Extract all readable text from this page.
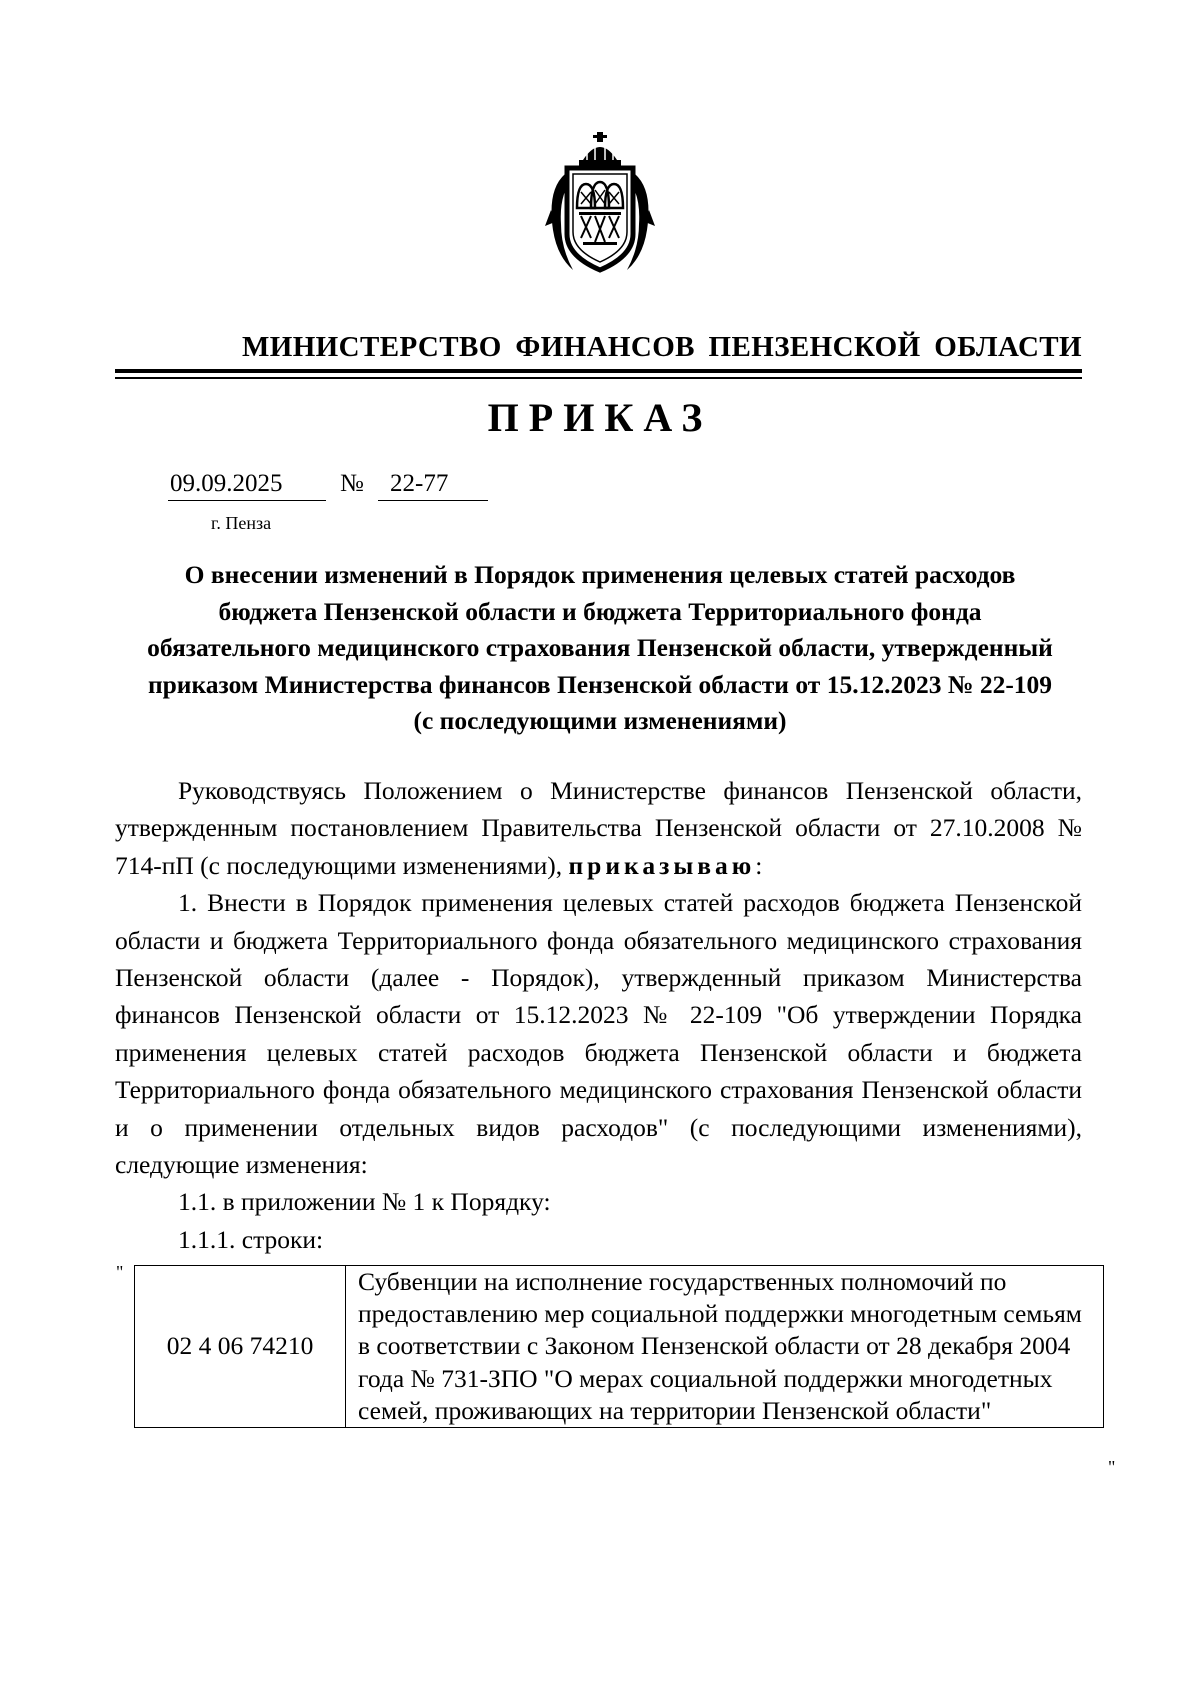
МИНИСТЕРСТВО ФИНАНСОВ ПЕНЗЕНСКОЙ ОБЛАСТИ
ПРИКАЗ
09.09.2025 № 22-77
г. Пенза
О внесении изменений в Порядок применения целевых статей расходов бюджета Пензенской области и бюджета Территориального фонда обязательного медицинского страхования Пензенской области, утвержденный приказом Министерства финансов Пензенской области от 15.12.2023 № 22-109 (с последующими изменениями)

Руководствуясь Положением о Министерстве финансов Пензенской области, утвержденным постановлением Правительства Пензенской области от 27.10.2008 № 714-пП (с последующими изменениями), приказываю:

1. Внести в Порядок применения целевых статей расходов бюджета Пензенской области и бюджета Территориального фонда обязательного медицинского страхования Пензенской области (далее - Порядок), утвержденный приказом Министерства финансов Пензенской области от 15.12.2023 № 22-109 "Об утверждении Порядка применения целевых статей расходов бюджета Пензенской области и бюджета Территориального фонда обязательного медицинского страхования Пензенской области и о применении отдельных видов расходов" (с последующими изменениями), следующие изменения:

1.1. в приложении № 1 к Порядку:

1.1.1. строки:

"
02 4 06 74210	Субвенции на исполнение государственных полномочий по предоставлению мер социальной поддержки многодетным семьям в соответствии с Законом Пензенской области от 28 декабря 2004 года № 731-ЗПО "О мерах социальной поддержки многодетных семей, проживающих на территории Пензенской области"
"
